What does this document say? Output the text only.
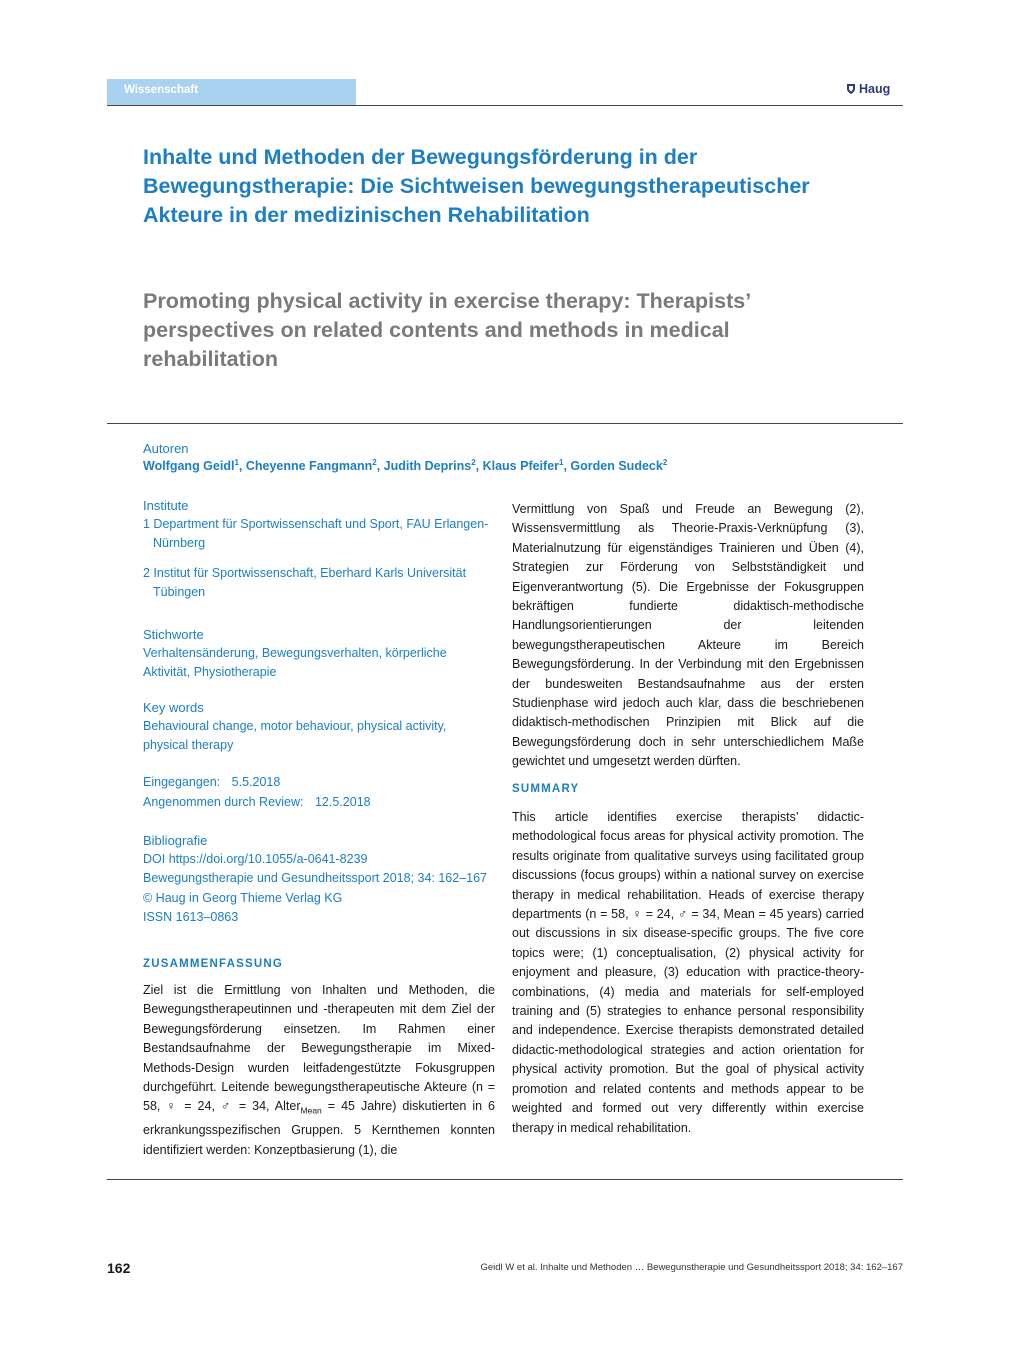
Wissenschaft	Haug
Inhalte und Methoden der Bewegungsförderung in der Bewegungstherapie: Die Sichtweisen bewegungstherapeutischer Akteure in der medizinischen Rehabilitation
Promoting physical activity in exercise therapy: Therapists’ perspectives on related contents and methods in medical rehabilitation
Autoren
Wolfgang Geidl$^1$, Cheyenne Fangmann$^2$, Judith Deprins$^2$, Klaus Pfeifer$^1$, Gorden Sudeck$^2$
Institute
1 Department für Sportwissenschaft und Sport, FAU Erlangen-Nürnberg
2 Institut für Sportwissenschaft, Eberhard Karls Universität Tübingen
Stichworte
Verhaltensänderung, Bewegungsverhalten, körperliche Aktivität, Physiotherapie
Key words
Behavioural change, motor behaviour, physical activity, physical therapy
Eingegangen: 5.5.2018
Angenommen durch Review: 12.5.2018
Bibliografie
DOI https://doi.org/10.1055/a-0641-8239
Bewegungstherapie und Gesundheitssport 2018; 34: 162–167
© Haug in Georg Thieme Verlag KG
ISSN 1613–0863
ZUSAMMENFASSUNG
Ziel ist die Ermittlung von Inhalten und Methoden, die Bewegungstherapeutinnen und -therapeuten mit dem Ziel der Bewegungsförderung einsetzen. Im Rahmen einer Bestandsaufnahme der Bewegungstherapie im Mixed-Methods-Design wurden leitfadengestützte Fokusgruppen durchgeführt. Leitende bewegungstherapeutische Akteure (n = 58, ♀ = 24, ♂ = 34, Alter$_{Mean}$ = 45 Jahre) diskutierten in 6 erkrankungsspezifischen Gruppen. 5 Kernthemen konnten identifiziert werden: Konzeptbasierung (1), die
Vermittlung von Spaß und Freude an Bewegung (2), Wissensvermittlung als Theorie-Praxis-Verknüpfung (3), Materialnutzung für eigenständiges Trainieren und Üben (4), Strategien zur Förderung von Selbstständigkeit und Eigenverantwortung (5). Die Ergebnisse der Fokusgruppen bekräftigen fundierte didaktisch-methodische Handlungsorientierungen der leitenden bewegungstherapeutischen Akteure im Bereich Bewegungsförderung. In der Verbindung mit den Ergebnissen der bundesweiten Bestandsaufnahme aus der ersten Studienphase wird jedoch auch klar, dass die beschriebenen didaktisch-methodischen Prinzipien mit Blick auf die Bewegungsförderung doch in sehr unterschiedlichem Maße gewichtet und umgesetzt werden dürften.
SUMMARY
This article identifies exercise therapists’ didactic-methodological focus areas for physical activity promotion. The results originate from qualitative surveys using facilitated group discussions (focus groups) within a national survey on exercise therapy in medical rehabilitation. Heads of exercise therapy departments (n = 58, ♀ = 24, ♂ = 34, Mean = 45 years) carried out discussions in six disease-specific groups. The five core topics were; (1) conceptualisation, (2) physical activity for enjoyment and pleasure, (3) education with practice-theory-combinations, (4) media and materials for self-employed training and (5) strategies to enhance personal responsibility and independence. Exercise therapists demonstrated detailed didactic-methodological strategies and action orientation for physical activity promotion. But the goal of physical activity promotion and related contents and methods appear to be weighted and formed out very differently within exercise therapy in medical rehabilitation.
162	Geidl W et al. Inhalte und Methoden … Bewegunstherapie und Gesundheitssport 2018; 34: 162–167
